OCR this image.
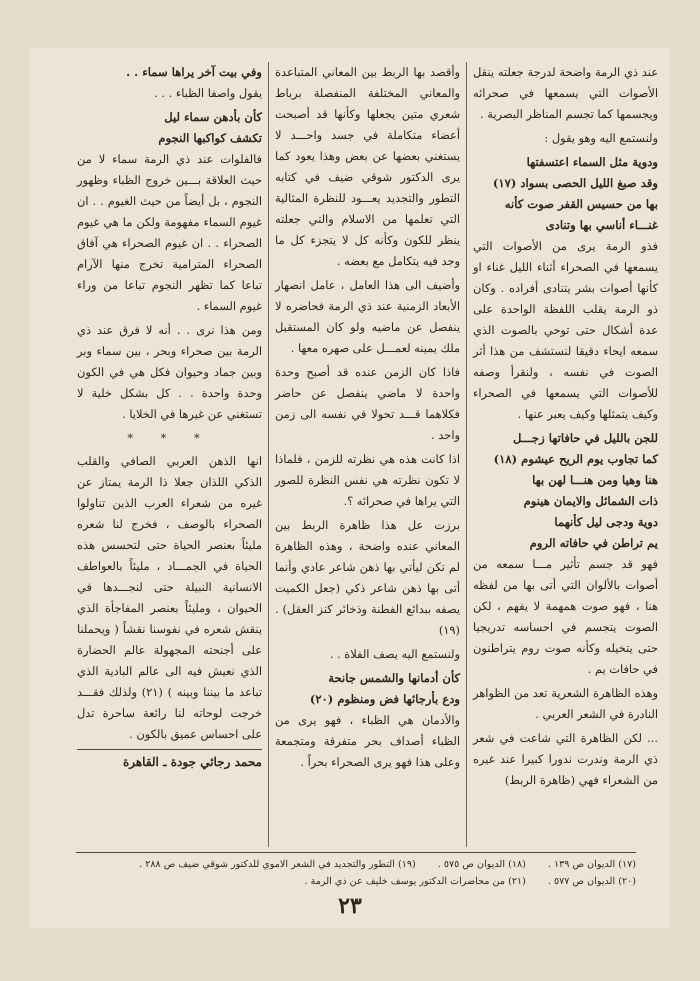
عند ذي الرمة واضحة لدرجة جعلته ينقل الأصوات التي يسمعها في صحرائه ويجسمها كما تجسم المناظر البصرية .

ولنستمع اليه وهو يقول :

ودوية مثل السماء اعتسفتها

وقد صبغ الليل الحصى بسواد (١٧)

بها من حسيس القفر صوت كأنه

غنـــاء أناسي بها وتنادى

فذو الرمة يرى من الأصوات التي يسمعها في الصحراء أثناء الليل غناء او كأنها أصوات بشر يتنادى أفراده . وكان ذو الرمة يقلب اللفظة الواحدة على عدة أشكال حتى توحي بالصوت الذي سمعه ايحاء دقيقا لنستشف من هذا أثر الصوت في نفسه ، ولنقرأ وصفه للأصوات التي يسمعها في الصحراء وكيف يتمثلها وكيف يعبر عنها .

للجن بالليل في حافاتها زجـــل

كما تجاوب يوم الريح عيشوم (١٨)

هنا وهيا ومن هنـــا لهن بها

ذات الشمائل والايمان هينوم

دوية ودجى ليل كأنهما

يم تراطن في حافاته الروم

فهو قد جسم تأثير مـــا سمعه من أصوات بالألوان التي أتى بها من لفظه هنا ، فهو صوت همهمة لا يفهم ، لكن الصوت يتجسم في احساسه تدريجيا حتى يتخيله وكأنه صوت روم يتراطنون في حافات يم .

وهذه الظاهرة الشعرية تعد من الظواهر النادرة في الشعر العربي .

... لكن الظاهرة التي شاعت في شعر ذي الرمة وندرت ندورا كبيرا عند غيره من الشعراء فهي (ظاهرة الربط)

وأقصد بها الربط بين المعاني المتباعدة والمعاني المختلفة المنفصلة برباط شعري متين يجعلها وكأنها قد أصبحت أعضاء متكاملة في جسد واحـــد لا يستغني بعضها عن بعض وهذا يعود كما يرى الدكتور شوقي ضيف في كتابه التطور والتجديد يعـــود للنظرة المثالية التي تعلمها من الاسلام والتي جعلته ينظر للكون وكأنه كل لا يتجزء كل ما وجد فيه يتكامل مع بعضه .

وأضيف الى هذا العامل ، عامل انصهار الأبعاد الزمنية عند ذي الرمة فحاضره لا ينفصل عن ماضيه ولو كان المستقبل ملك يمينه لعمـــل على صهره معها .

فاذا كان الزمن عنده قد أصبح وحدة واحدة لا ماضي ينفصل عن حاضر فكلاهما قـــد تحولا في نفسه الى زمن واحد .

اذا كانت هذه هي نظرته للزمن ، فلماذا لا تكون نظرته هي نفس النظرة للصور التي يراها في صحرائه ؟.

برزت عل هذا ظاهرة الربط بين المعاني عنده واضحة ، وهذه الظاهرة لم تكن ليأتي بها ذهن شاعر عادي وأنما أتى بها ذهن شاعر ذكي (جعل الكميت يصفه ببدائع الفطنة وذخائر كنز العقل) . (١٩)

ولنستمع اليه يصف الفلاة . .

كأن أدمانها والشمس جانحة

ودع بأرجائها فض ومنظوم (٢٠)

والأدمان هي الظباء ، فهو يرى من الظباء أصداف بحر متفرقة ومتجمعة وعلى هذا فهو يرى الصحراء بحراً .

وفي بيت آخر يراها سماء . .

يقول واصفا الظباء . . .

كأن بأدهن سماء ليل

تكشف كواكبها النجوم

فالفلوات عند ذي الرمة سماء لا من حيث العلاقة بـــين خروج الظباء وظهور النجوم ، بل أيضاً من حيث الغيوم . . ان غيوم السماء مفهومة ولكن ما هي غيوم الصحراء . . ان غيوم الصحراء هي آفاق الصحراء المترامية تخرج منها الآرام تباعا كما تظهر النجوم تباعا من وراء غيوم السماء .

ومن هذا نرى . . أنه لا فرق عند ذي الرمة بين صحراء وبحر ، بين سماء وبر وبين جماد وحيوان فكل هي في الكون وحدة واحدة . . كل بشكل خلية لا تستغني عن غيرها في الخلايا .

* * *

انها الذهن العربي الصافي والقلب الذكي اللذان جعلا ذا الرمة يمتاز عن غيره من شعراء العرب الذين تناولوا الصحراء بالوصف ، فخرج لنا شعره مليئاً بعنصر الحياة حتى لتحسس هذه الحياة في الجمـــاد ، مليئاً بالعواطف الانسانية النبيلة حتى لنجـــدها في الحيوان ، ومليئاً بعنصر المفاجأة الذي ينقش شعره في نفوسنا نقشاً ( ويحملنا على أجنحته المجهولة عالم الحضارة الذي نعيش فيه الى عالم البادية الذي تباعد ما بيننا وبينه ) (٢١) ولذلك فقـــد خرجت لوحاته لنا رائعة ساحرة تدل على احساس عميق بالكون .

محمد رجائي جودة ـ القاهرة
(١٧) الديوان ص ١٣٩ .
(١٨) الديوان ص ٥٧٥ .
(١٩) التطور والتجديد في الشعر الاموي للدكتور شوقي ضيف ص ٢٨٨ .
(٢٠) الديوان ص ٥٧٧ .
(٢١) من محاضرات الدكتور يوسف خليف عن ذي الرمة .
٢٣
